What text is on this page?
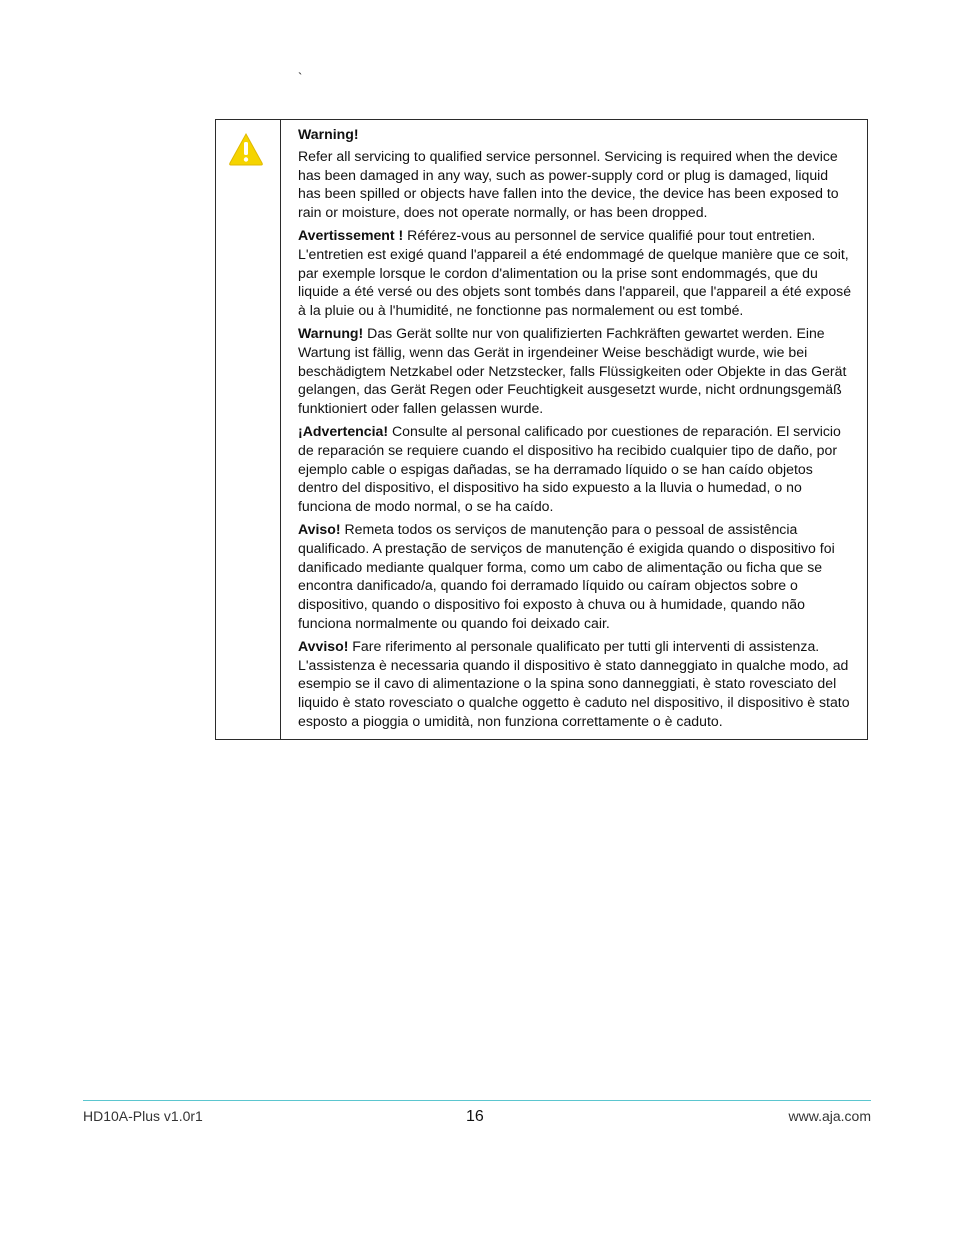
`
Warning!

Refer all servicing to qualified service personnel. Servicing is required when the device has been damaged in any way, such as power-supply cord or plug is damaged, liquid has been spilled or objects have fallen into the device, the device has been exposed to rain or moisture, does not operate normally, or has been dropped.

Avertissement ! Référez-vous au personnel de service qualifié pour tout entretien. L'entretien est exigé quand l'appareil a été endommagé de quelque manière que ce soit, par exemple lorsque le cordon d'alimentation ou la prise sont endommagés, que du liquide a été versé ou des objets sont tombés dans l'appareil, que l'appareil a été exposé à la pluie ou à l'humidité, ne fonctionne pas normalement ou est tombé.

Warnung! Das Gerät sollte nur von qualifizierten Fachkräften gewartet werden. Eine Wartung ist fällig, wenn das Gerät in irgendeiner Weise beschädigt wurde, wie bei beschädigtem Netzkabel oder Netzstecker, falls Flüssigkeiten oder Objekte in das Gerät gelangen, das Gerät Regen oder Feuchtigkeit ausgesetzt wurde, nicht ordnungsgemäß funktioniert oder fallen gelassen wurde.

¡Advertencia! Consulte al personal calificado por cuestiones de reparación. El servicio de reparación se requiere cuando el dispositivo ha recibido cualquier tipo de daño, por ejemplo cable o espigas dañadas, se ha derramado líquido o se han caído objetos dentro del dispositivo, el dispositivo ha sido expuesto a la lluvia o humedad, o no funciona de modo normal, o se ha caído.

Aviso! Remeta todos os serviços de manutenção para o pessoal de assistência qualificado. A prestação de serviços de manutenção é exigida quando o dispositivo foi danificado mediante qualquer forma, como um cabo de alimentação ou ficha que se encontra danificado/a, quando foi derramado líquido ou caíram objectos sobre o dispositivo, quando o dispositivo foi exposto à chuva ou à humidade, quando não funciona normalmente ou quando foi deixado cair.

Avviso! Fare riferimento al personale qualificato per tutti gli interventi di assistenza. L'assistenza è necessaria quando il dispositivo è stato danneggiato in qualche modo, ad esempio se il cavo di alimentazione o la spina sono danneggiati, è stato rovesciato del liquido è stato rovesciato o qualche oggetto è caduto nel dispositivo, il dispositivo è stato esposto a pioggia o umidità, non funziona correttamente o è caduto.

HD10A-Plus v1.0r1	16	www.aja.com
